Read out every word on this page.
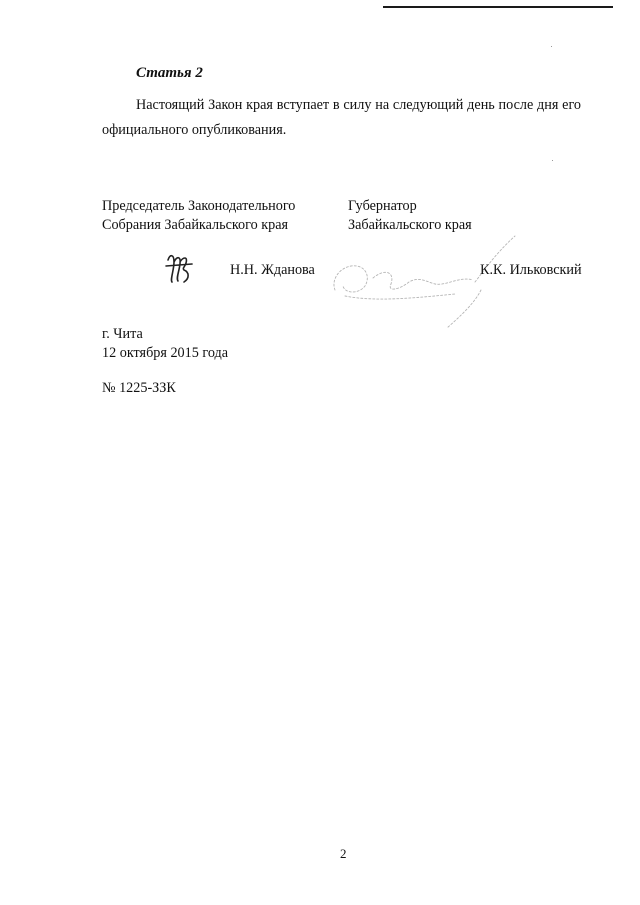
Статья 2

Настоящий Закон края вступает в силу на следующий день после дня его официального опубликования.

Председатель Законодательного
Собрания Забайкальского края
Губернатор
Забайкальского края
Н.Н. Жданова	К.К. Ильковский
г. Чита
12 октября 2015 года
№ 1225-ЗЗК
2
